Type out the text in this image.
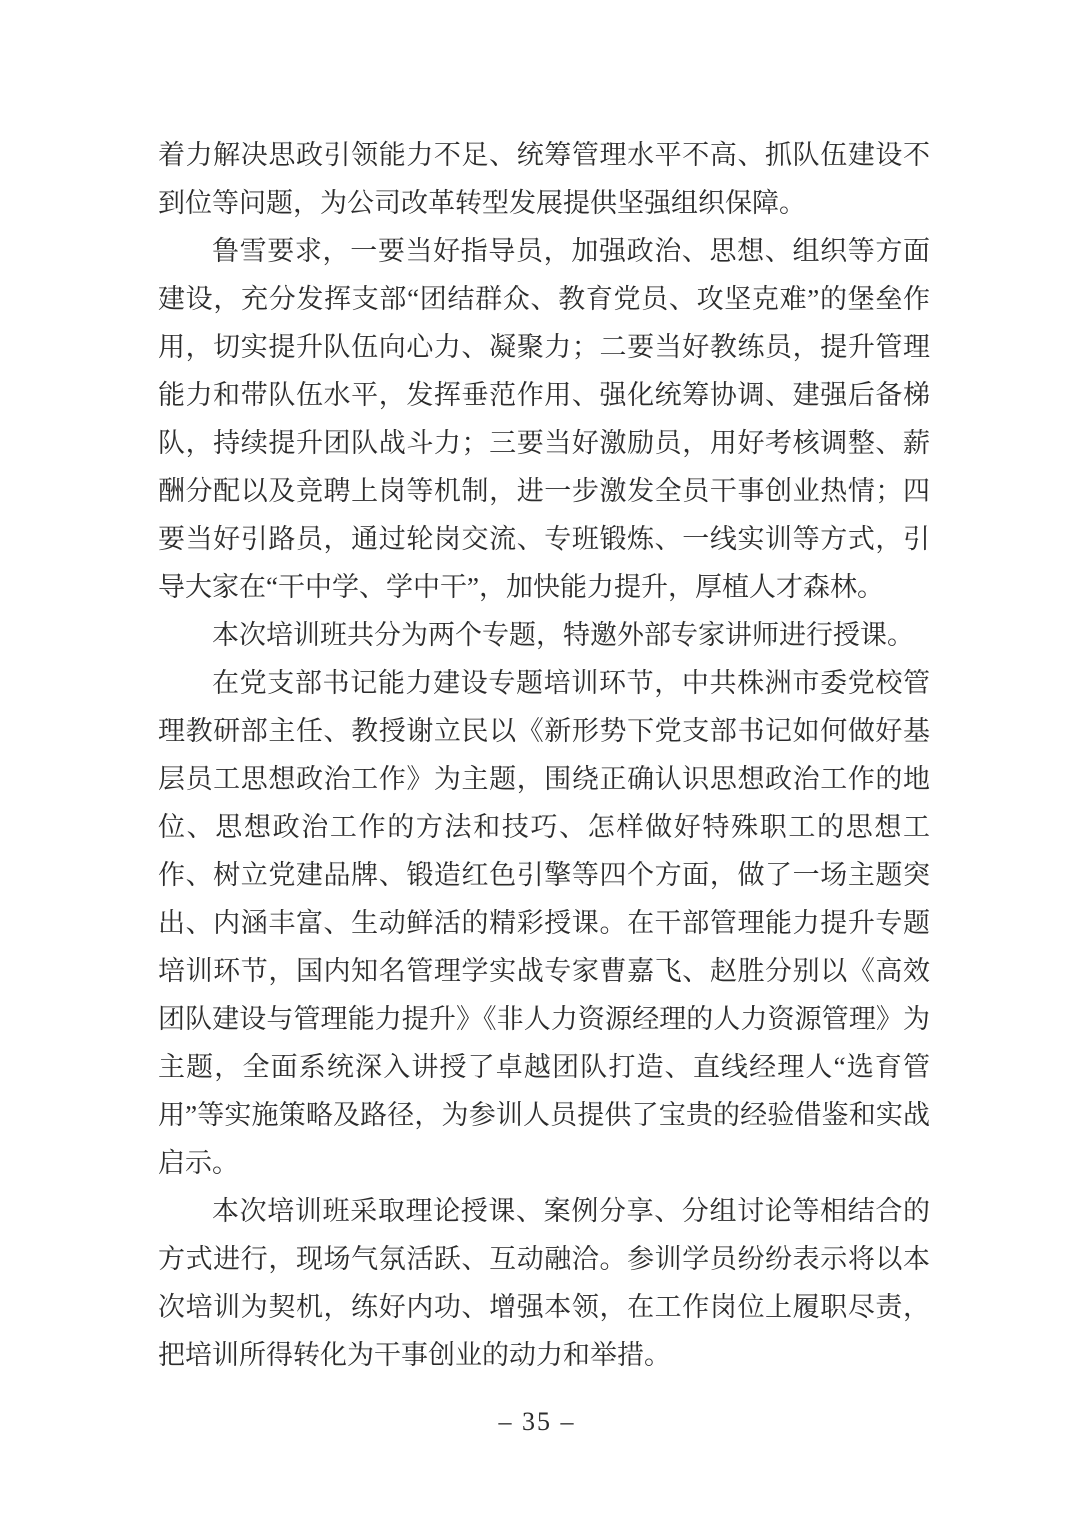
着力解决思政引领能力不足、统筹管理水平不高、抓队伍建设不到位等问题，为公司改革转型发展提供坚强组织保障。

鲁雪要求，一要当好指导员，加强政治、思想、组织等方面建设，充分发挥支部“团结群众、教育党员、攻坚克难”的堡垒作用，切实提升队伍向心力、凝聚力；二要当好教练员，提升管理能力和带队伍水平，发挥垂范作用、强化统筹协调、建强后备梯队，持续提升团队战斗力；三要当好激励员，用好考核调整、薪酬分配以及竞聘上岗等机制，进一步激发全员干事创业热情；四要当好引路员，通过轮岗交流、专班锻炼、一线实训等方式，引导大家在“干中学、学中干”，加快能力提升，厚植人才森林。

本次培训班共分为两个专题，特邀外部专家讲师进行授课。

在党支部书记能力建设专题培训环节，中共株洲市委党校管理教研部主任、教授谢立民以《新形势下党支部书记如何做好基层员工思想政治工作》为主题，围绕正确认识思想政治工作的地位、思想政治工作的方法和技巧、怎样做好特殊职工的思想工作、树立党建品牌、锻造红色引擎等四个方面，做了一场主题突出、内涵丰富、生动鲜活的精彩授课。在干部管理能力提升专题培训环节，国内知名管理学实战专家曹嘉飞、赵胜分别以《高效团队建设与管理能力提升》《非人力资源经理的人力资源管理》为主题，全面系统深入讲授了卓越团队打造、直线经理人“选育管用”等实施策略及路径，为参训人员提供了宝贵的经验借鉴和实战启示。

本次培训班采取理论授课、案例分享、分组讨论等相结合的方式进行，现场气氛活跃、互动融洽。参训学员纷纷表示将以本次培训为契机，练好内功、增强本领，在工作岗位上履职尽责，把培训所得转化为干事创业的动力和举措。

– 35 –
